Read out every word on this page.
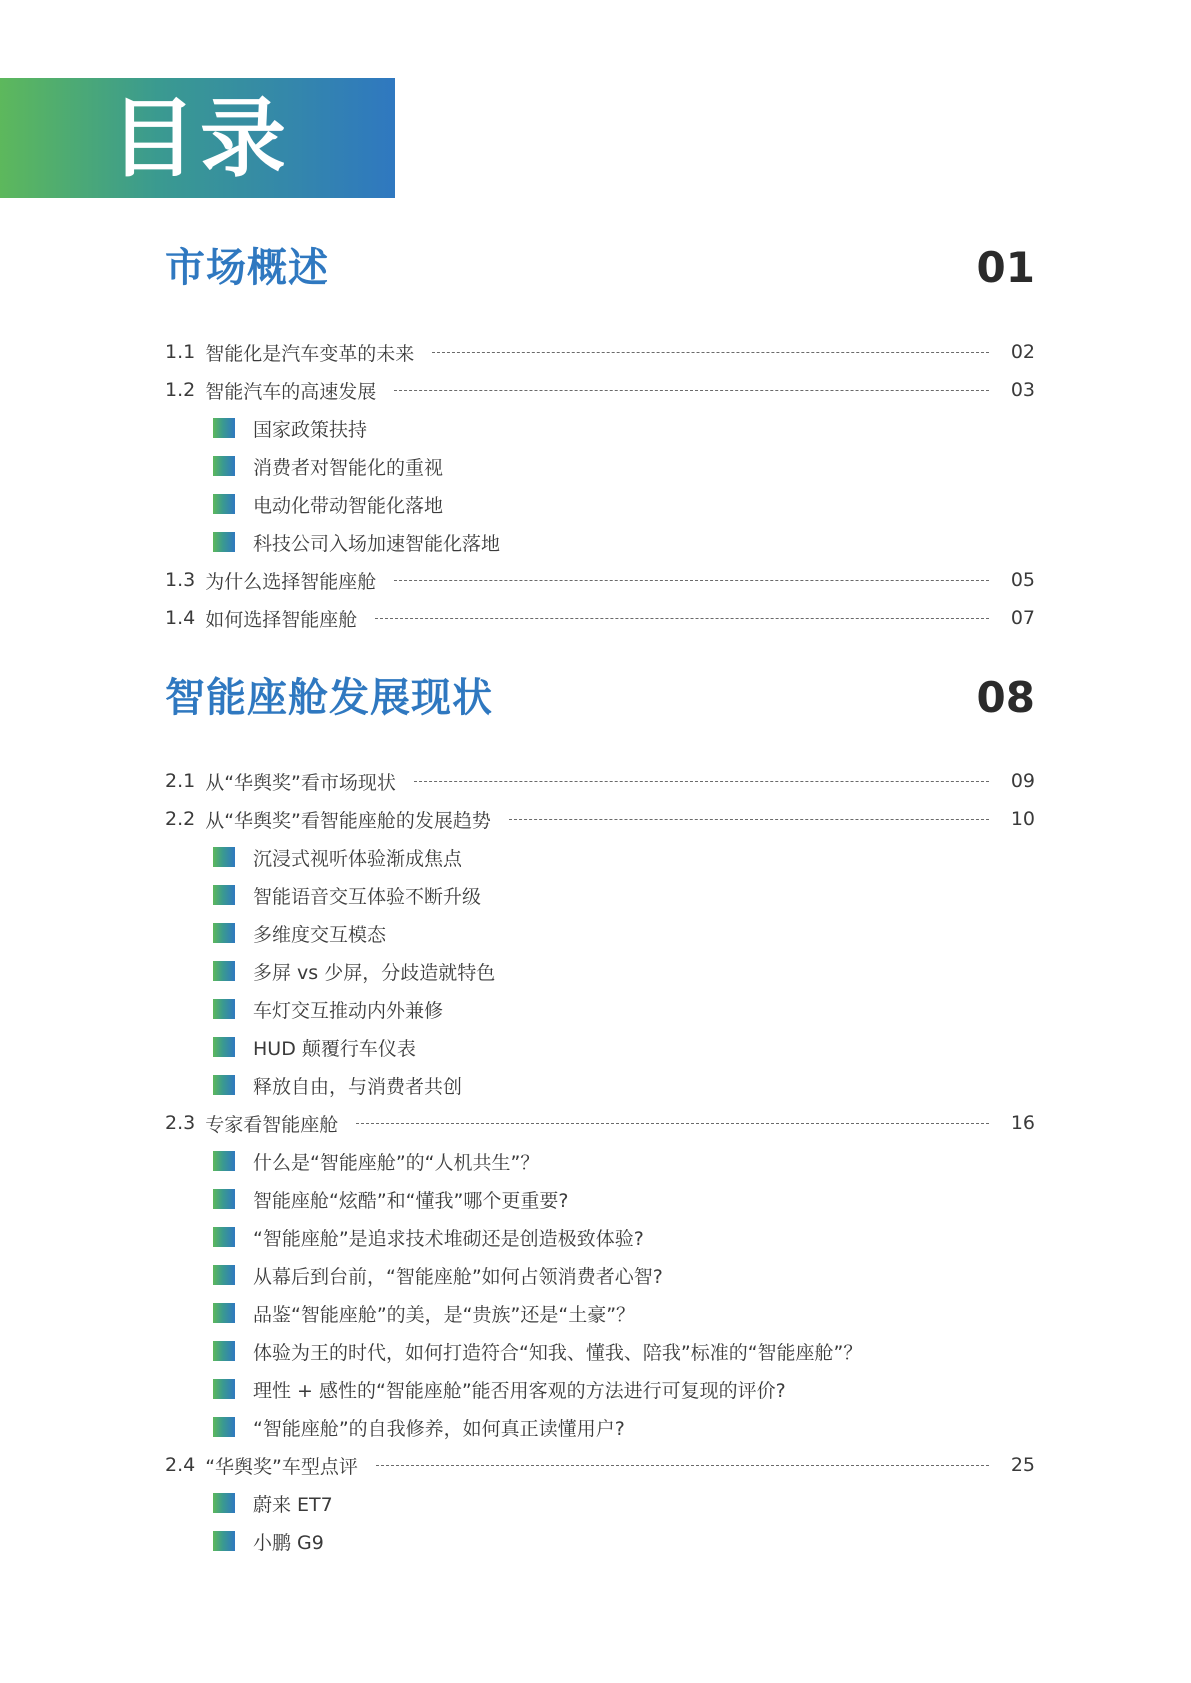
目录
市场概述	01
1.1 智能化是汽车变革的未来	02
1.2 智能汽车的高速发展	03
国家政策扶持
消费者对智能化的重视
电动化带动智能化落地
科技公司入场加速智能化落地
1.3 为什么选择智能座舱	05
1.4 如何选择智能座舱	07
智能座舱发展现状	08
2.1 从“华舆奖”看市场现状	09
2.2 从“华舆奖”看智能座舱的发展趋势	10
沉浸式视听体验渐成焦点
智能语音交互体验不断升级
多维度交互模态
多屏 vs 少屏，分歧造就特色
车灯交互推动内外兼修
HUD 颠覆行车仪表
释放自由，与消费者共创
2.3 专家看智能座舱	16
什么是“智能座舱”的“人机共生”？
智能座舱“炫酷”和“懂我”哪个更重要?
“智能座舱”是追求技术堆砌还是创造极致体验?
从幕后到台前，“智能座舱”如何占领消费者心智?
品鉴“智能座舱”的美，是“贵族”还是“土豪”？
体验为王的时代，如何打造符合“知我、懂我、陪我”标准的“智能座舱”？
理性 + 感性的“智能座舱”能否用客观的方法进行可复现的评价?
“智能座舱”的自我修养，如何真正读懂用户?
2.4 “华舆奖”车型点评	25
蔚来 ET7
小鹏 G9
